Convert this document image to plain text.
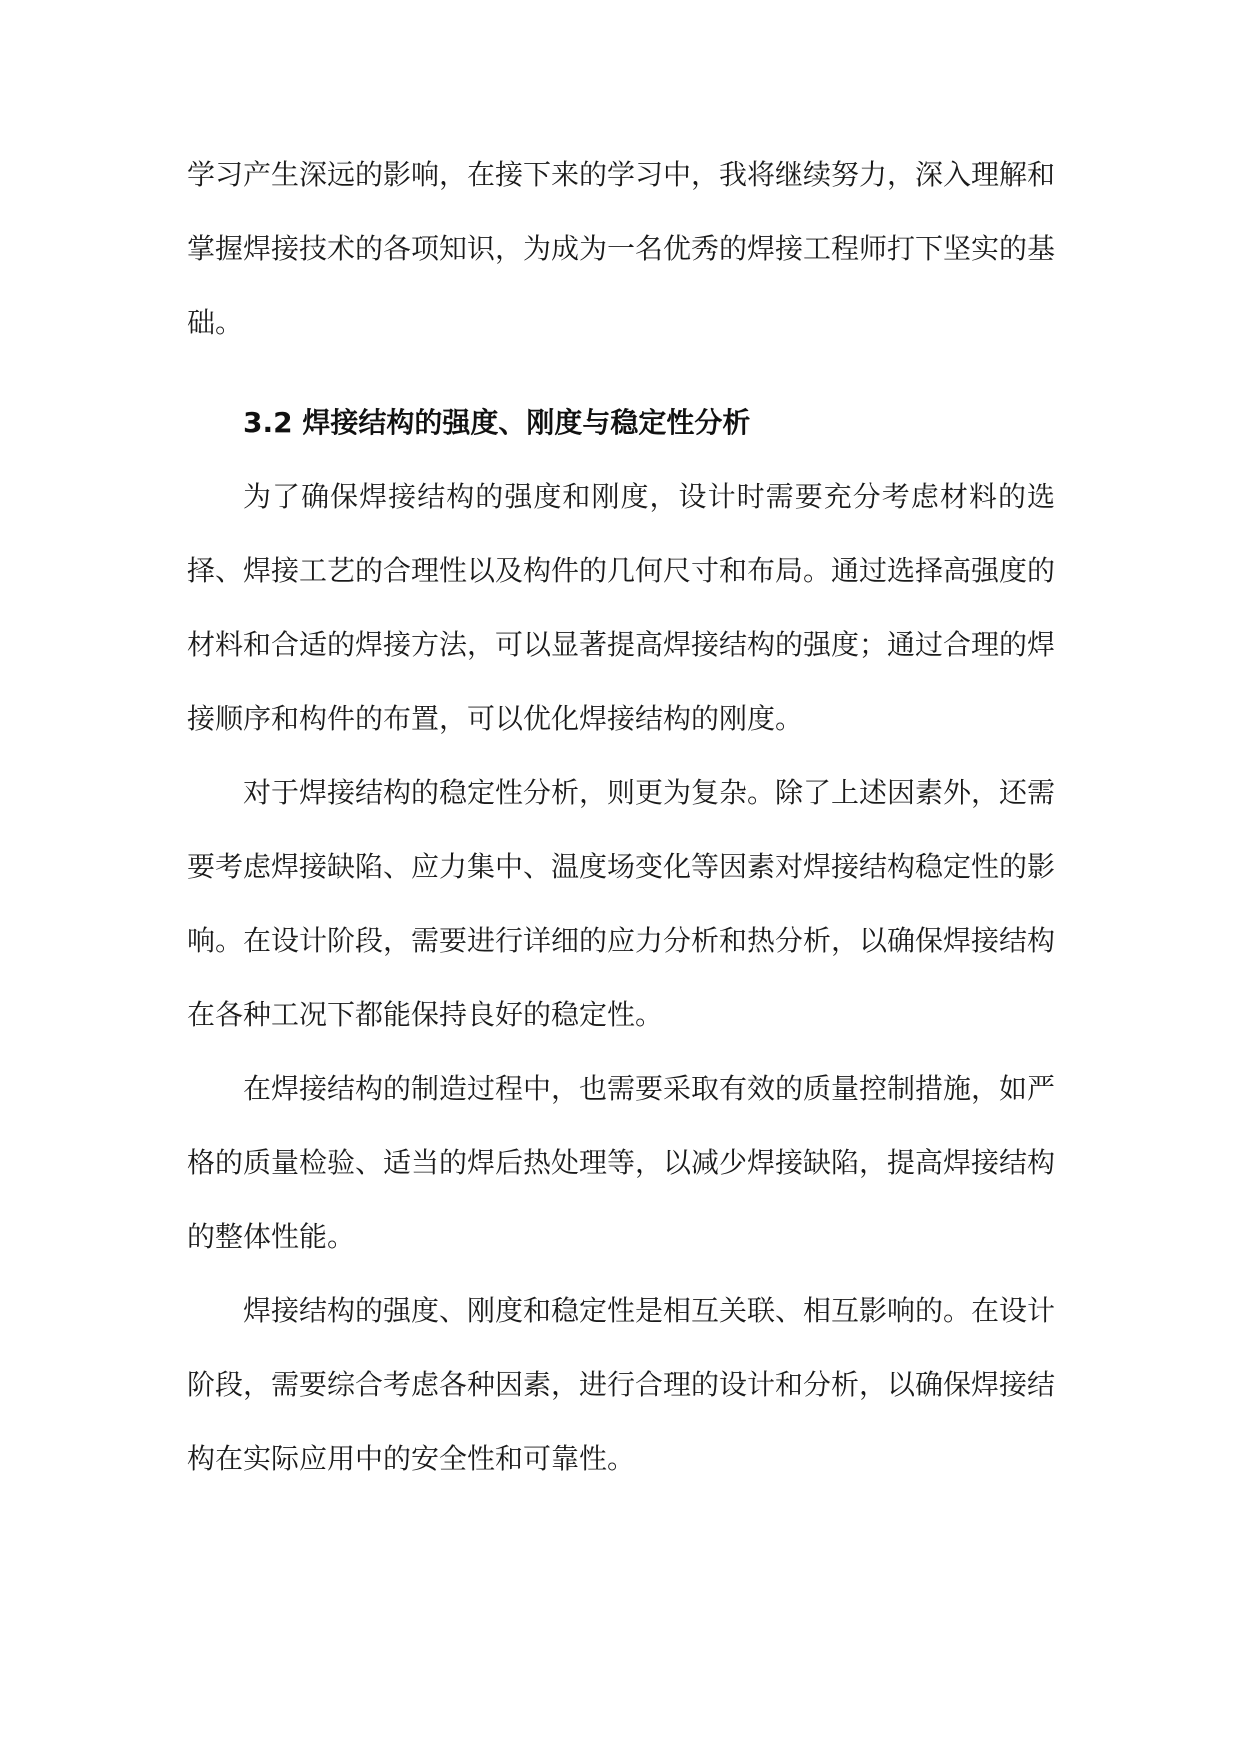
学习产生深远的影响，在接下来的学习中，我将继续努力，深入理解和掌握焊接技术的各项知识，为成为一名优秀的焊接工程师打下坚实的基础。

3.2 焊接结构的强度、刚度与稳定性分析

为了确保焊接结构的强度和刚度，设计时需要充分考虑材料的选择、焊接工艺的合理性以及构件的几何尺寸和布局。通过选择高强度的材料和合适的焊接方法，可以显著提高焊接结构的强度；通过合理的焊接顺序和构件的布置，可以优化焊接结构的刚度。

对于焊接结构的稳定性分析，则更为复杂。除了上述因素外，还需要考虑焊接缺陷、应力集中、温度场变化等因素对焊接结构稳定性的影响。在设计阶段，需要进行详细的应力分析和热分析，以确保焊接结构在各种工况下都能保持良好的稳定性。

在焊接结构的制造过程中，也需要采取有效的质量控制措施，如严格的质量检验、适当的焊后热处理等，以减少焊接缺陷，提高焊接结构的整体性能。

焊接结构的强度、刚度和稳定性是相互关联、相互影响的。在设计阶段，需要综合考虑各种因素，进行合理的设计和分析，以确保焊接结构在实际应用中的安全性和可靠性。
